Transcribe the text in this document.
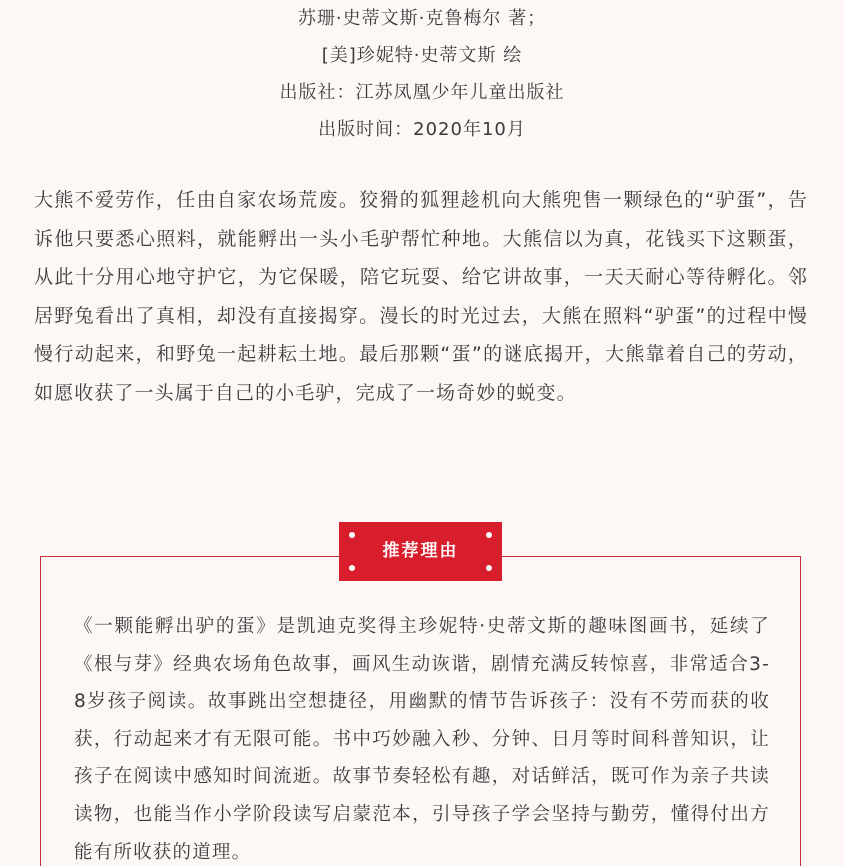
苏珊·史蒂文斯·克鲁梅尔 著；
[美]珍妮特·史蒂文斯 绘
出版社：江苏凤凰少年儿童出版社
出版时间：2020年10月

大熊不爱劳作，任由自家农场荒废。狡猾的狐狸趁机向大熊兜售一颗绿色的“驴蛋”，告诉他只要悉心照料，就能孵出一头小毛驴帮忙种地。大熊信以为真，花钱买下这颗蛋，从此十分用心地守护它，为它保暖，陪它玩耍、给它讲故事，一天天耐心等待孵化。邻居野兔看出了真相，却没有直接揭穿。漫长的时光过去，大熊在照料“驴蛋”的过程中慢慢行动起来，和野兔一起耕耘土地。最后那颗“蛋”的谜底揭开，大熊靠着自己的劳动，如愿收获了一头属于自己的小毛驴，完成了一场奇妙的蜕变。

推荐理由

《一颗能孵出驴的蛋》是凯迪克奖得主珍妮特·史蒂文斯的趣味图画书，延续了《根与芽》经典农场角色故事，画风生动诙谐，剧情充满反转惊喜，非常适合3-8岁孩子阅读。故事跳出空想捷径，用幽默的情节告诉孩子：没有不劳而获的收获，行动起来才有无限可能。书中巧妙融入秒、分钟、日月等时间科普知识，让孩子在阅读中感知时间流逝。故事节奏轻松有趣，对话鲜活，既可作为亲子共读读物，也能当作小学阶段读写启蒙范本，引导孩子学会坚持与勤劳，懂得付出方能有所收获的道理。
